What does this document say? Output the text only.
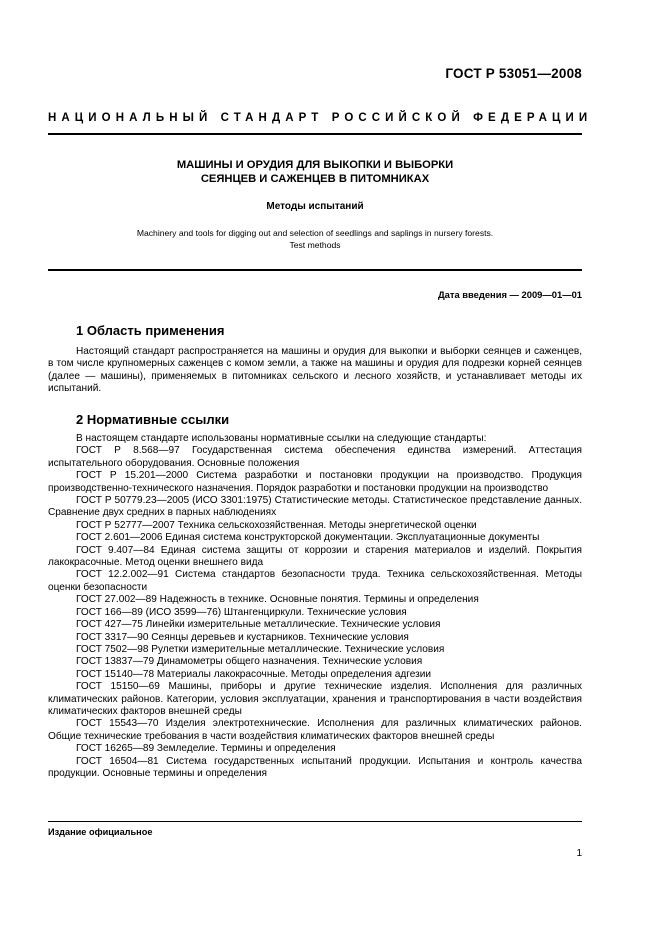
ГОСТ Р 53051—2008
НАЦИОНАЛЬНЫЙ СТАНДАРТ РОССИЙСКОЙ ФЕДЕРАЦИИ
МАШИНЫ И ОРУДИЯ ДЛЯ ВЫКОПКИ И ВЫБОРКИ
СЕЯНЦЕВ И САЖЕНЦЕВ В ПИТОМНИКАХ
Методы испытаний
Machinery and tools for digging out and selection of seedlings and saplings in nursery forests.
Test methods
Дата введения — 2009—01—01
1 Область применения

Настоящий стандарт распространяется на машины и орудия для выкопки и выборки сеянцев и саженцев, в том числе крупномерных саженцев с комом земли, а также на машины и орудия для подрезки корней сеянцев (далее — машины), применяемых в питомниках сельского и лесного хозяйств, и устанавливает методы их испытаний.

2 Нормативные ссылки

В настоящем стандарте использованы нормативные ссылки на следующие стандарты:

ГОСТ Р 8.568—97 Государственная система обеспечения единства измерений. Аттестация испытательного оборудования. Основные положения

ГОСТ Р 15.201—2000 Система разработки и постановки продукции на производство. Продукция производственно-технического назначения. Порядок разработки и постановки продукции на производство

ГОСТ Р 50779.23—2005 (ИСО 3301:1975) Статистические методы. Статистическое представление данных. Сравнение двух средних в парных наблюдениях

ГОСТ Р 52777—2007 Техника сельскохозяйственная. Методы энергетической оценки

ГОСТ 2.601—2006 Единая система конструкторской документации. Эксплуатационные документы

ГОСТ 9.407—84 Единая система защиты от коррозии и старения материалов и изделий. Покрытия лакокрасочные. Метод оценки внешнего вида

ГОСТ 12.2.002—91 Система стандартов безопасности труда. Техника сельскохозяйственная. Методы оценки безопасности

ГОСТ 27.002—89 Надежность в технике. Основные понятия. Термины и определения

ГОСТ 166—89 (ИСО 3599—76) Штангенциркули. Технические условия

ГОСТ 427—75 Линейки измерительные металлические. Технические условия

ГОСТ 3317—90 Сеянцы деревьев и кустарников. Технические условия

ГОСТ 7502—98 Рулетки измерительные металлические. Технические условия

ГОСТ 13837—79 Динамометры общего назначения. Технические условия

ГОСТ 15140—78 Материалы лакокрасочные. Методы определения адгезии

ГОСТ 15150—69 Машины, приборы и другие технические изделия. Исполнения для различных климатических районов. Категории, условия эксплуатации, хранения и транспортирования в части воздействия климатических факторов внешней среды

ГОСТ 15543—70 Изделия электротехнические. Исполнения для различных климатических районов. Общие технические требования в части воздействия климатических факторов внешней среды

ГОСТ 16265—89 Земледелие. Термины и определения

ГОСТ 16504—81 Система государственных испытаний продукции. Испытания и контроль качества продукции. Основные термины и определения

Издание официальное
1
